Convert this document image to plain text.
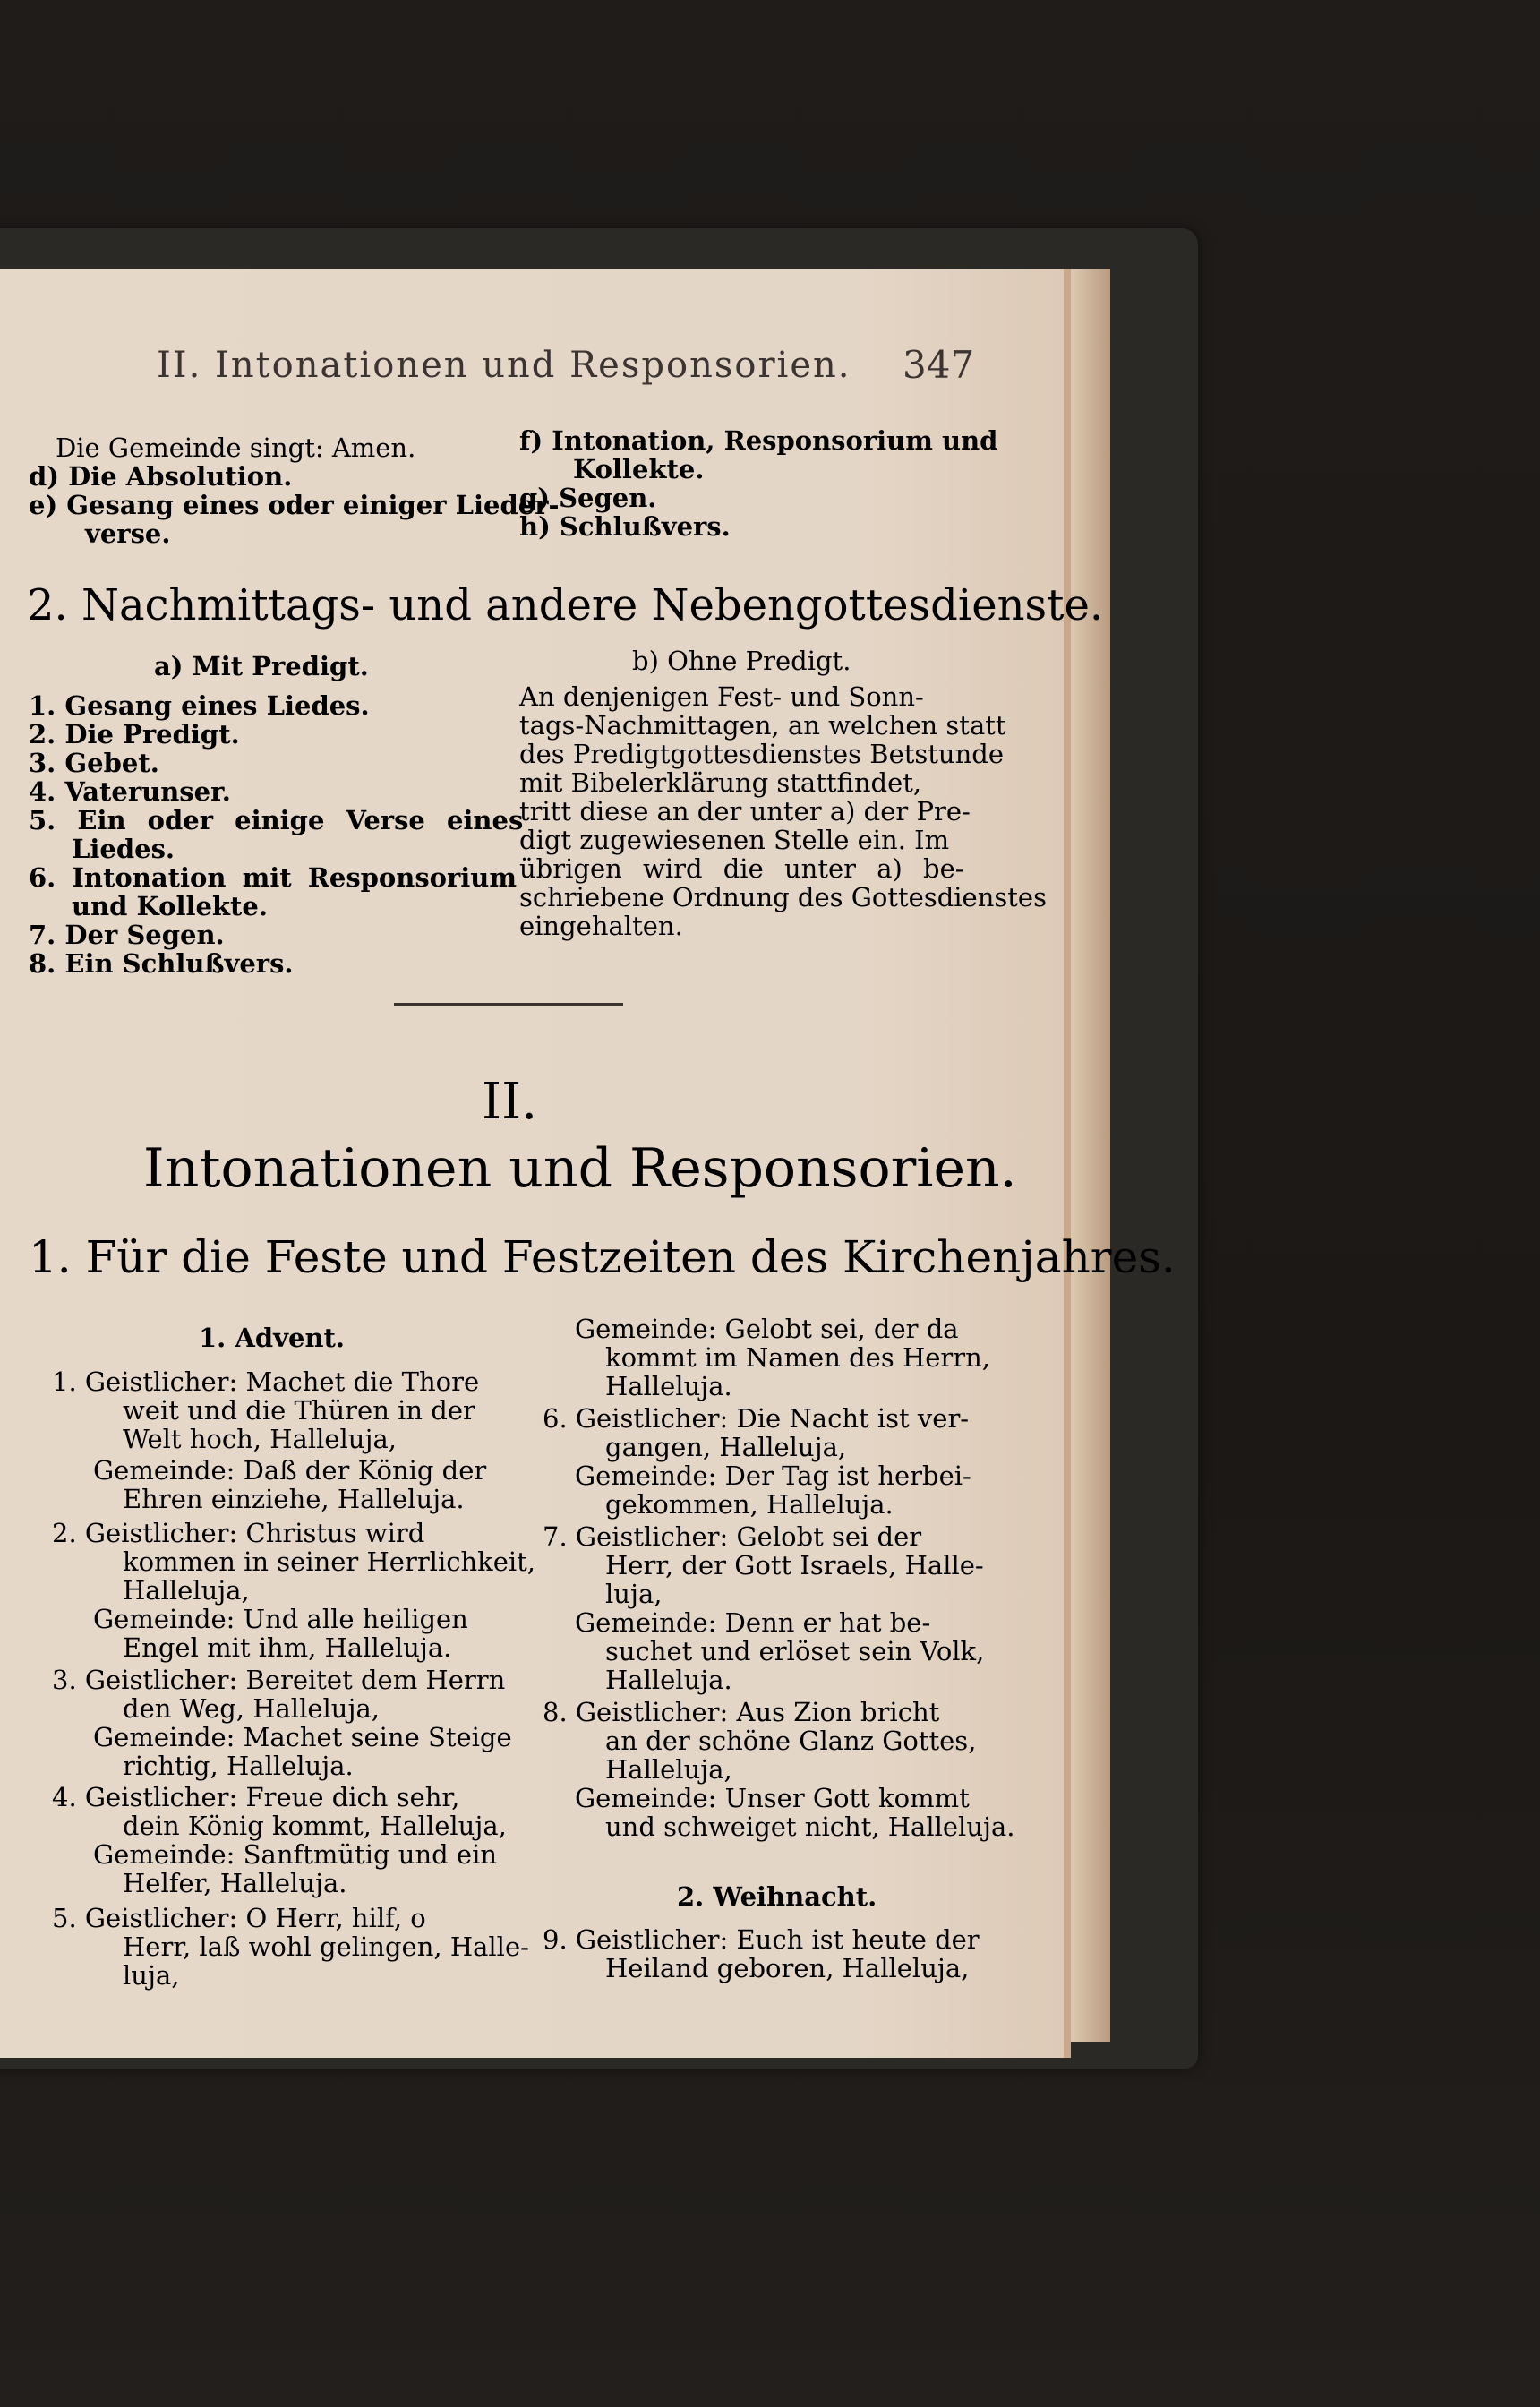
II. Intonationen und Responsorien. 347
Die Gemeinde singt: Amen.
d) Die Absolution.
e) Gesang eines oder einiger Lieder-
verse.
f) Intonation, Responsorium und
Kollekte.
g) Segen.
h) Schlußvers.
2. Nachmittags- und andere Nebengottesdienste.
a) Mit Predigt.	b) Ohne Predigt.
1. Gesang eines Liedes.
2. Die Predigt.
3. Gebet.
4. Vaterunser.
5. Ein oder einige Verse eines
Liedes.
6. Intonation mit Responsorium
und Kollekte.
7. Der Segen.
8. Ein Schlußvers.
An denjenigen Fest- und Sonn-
tags-Nachmittagen, an welchen statt
des Predigtgottesdienstes Betstunde
mit Bibelerklärung stattfindet,
tritt diese an der unter a) der Pre-
digt zugewiesenen Stelle ein. Im
übrigen wird die unter a) be-
schriebene Ordnung des Gottesdienstes
eingehalten.
II.
Intonationen und Responsorien.
1. Für die Feste und Festzeiten des Kirchenjahres.
1. Advent.
1. Geistlicher: Machet die Thore
weit und die Thüren in der
Welt hoch, Halleluja,
Gemeinde: Daß der König der
Ehren einziehe, Halleluja.
2. Geistlicher: Christus wird
kommen in seiner Herrlichkeit,
Halleluja,
Gemeinde: Und alle heiligen
Engel mit ihm, Halleluja.
3. Geistlicher: Bereitet dem Herrn
den Weg, Halleluja,
Gemeinde: Machet seine Steige
richtig, Halleluja.
4. Geistlicher: Freue dich sehr,
dein König kommt, Halleluja,
Gemeinde: Sanftmütig und ein
Helfer, Halleluja.
5. Geistlicher: O Herr, hilf, o
Herr, laß wohl gelingen, Halle-
luja,
Gemeinde: Gelobt sei, der da
kommt im Namen des Herrn,
Halleluja.
6. Geistlicher: Die Nacht ist ver-
gangen, Halleluja,
Gemeinde: Der Tag ist herbei-
gekommen, Halleluja.
7. Geistlicher: Gelobt sei der
Herr, der Gott Israels, Halle-
luja,
Gemeinde: Denn er hat be-
suchet und erlöset sein Volk,
Halleluja.
8. Geistlicher: Aus Zion bricht
an der schöne Glanz Gottes,
Halleluja,
Gemeinde: Unser Gott kommt
und schweiget nicht, Halleluja.
2. Weihnacht.
9. Geistlicher: Euch ist heute der
Heiland geboren, Halleluja,
